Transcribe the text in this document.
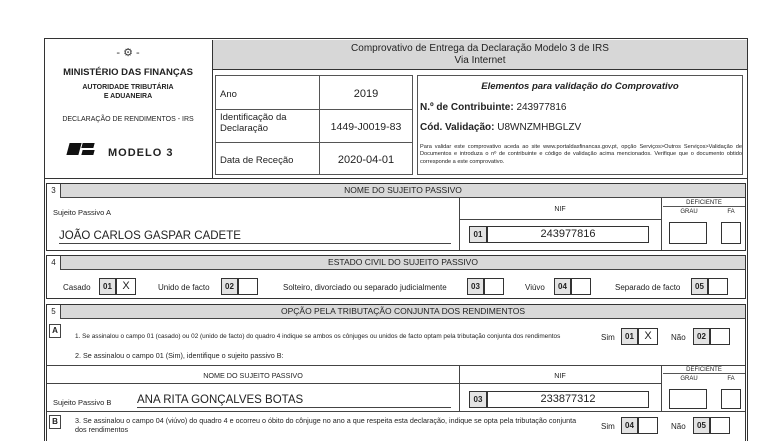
‑ ⚙ ‑
MINISTÉRIO DAS FINANÇAS
AUTORIDADE TRIBUTÁRIA
E ADUANEIRA
DECLARAÇÃO DE RENDIMENTOS - IRS
MODELO 3
Comprovativo de Entrega da Declaração Modelo 3 de IRS
Via Internet
Ano	2019
Identificação da Declaração	1449-J0019-83
Data de Receção	2020-04-01
Elementos para validação do Comprovativo
N.º de Contribuinte: 243977816
Cód. Validação: U8WNZMHBGLZV
Para validar este comprovativo aceda ao site www.portaldasfinancas.gov.pt, opção Serviços>Outros Serviços>Validação de Documentos e introduza o nº de contribuinte e código de validação acima mencionados. Verifique que o documento obtido corresponde a este comprovativo.
3	NOME DO SUJEITO PASSIVO
Sujeito Passivo A
JOÃO CARLOS GASPAR CADETE
NIF
01	243977816
DEFICIENTE
GRAU	FA
4	ESTADO CIVIL DO SUJEITO PASSIVO
Casado	01 X	Unido de facto	02	Solteiro, divorciado ou separado judicialmente	03	Viúvo	04	Separado de facto	05
5	OPÇÃO PELA TRIBUTAÇÃO CONJUNTA DOS RENDIMENTOS
A
1. Se assinalou o campo 01 (casado) ou 02 (unido de facto) do quadro 4 indique se ambos os cônjuges ou unidos de facto optam pela tributação conjunta dos rendimentos	Sim	01 X	Não	02
2. Se assinalou o campo 01 (Sim), identifique o sujeito passivo B:
NOME DO SUJEITO PASSIVO	NIF
DEFICIENTE
GRAU	FA
Sujeito Passivo B ANA RITA GONÇALVES BOTAS	03	233877312
B	3. Se assinalou o campo 04 (viúvo) do quadro 4 e ocorreu o óbito do cônjuge no ano a que respeita esta declaração, indique se opta pela tributação conjunta dos rendimentos	Sim	04	Não	05
